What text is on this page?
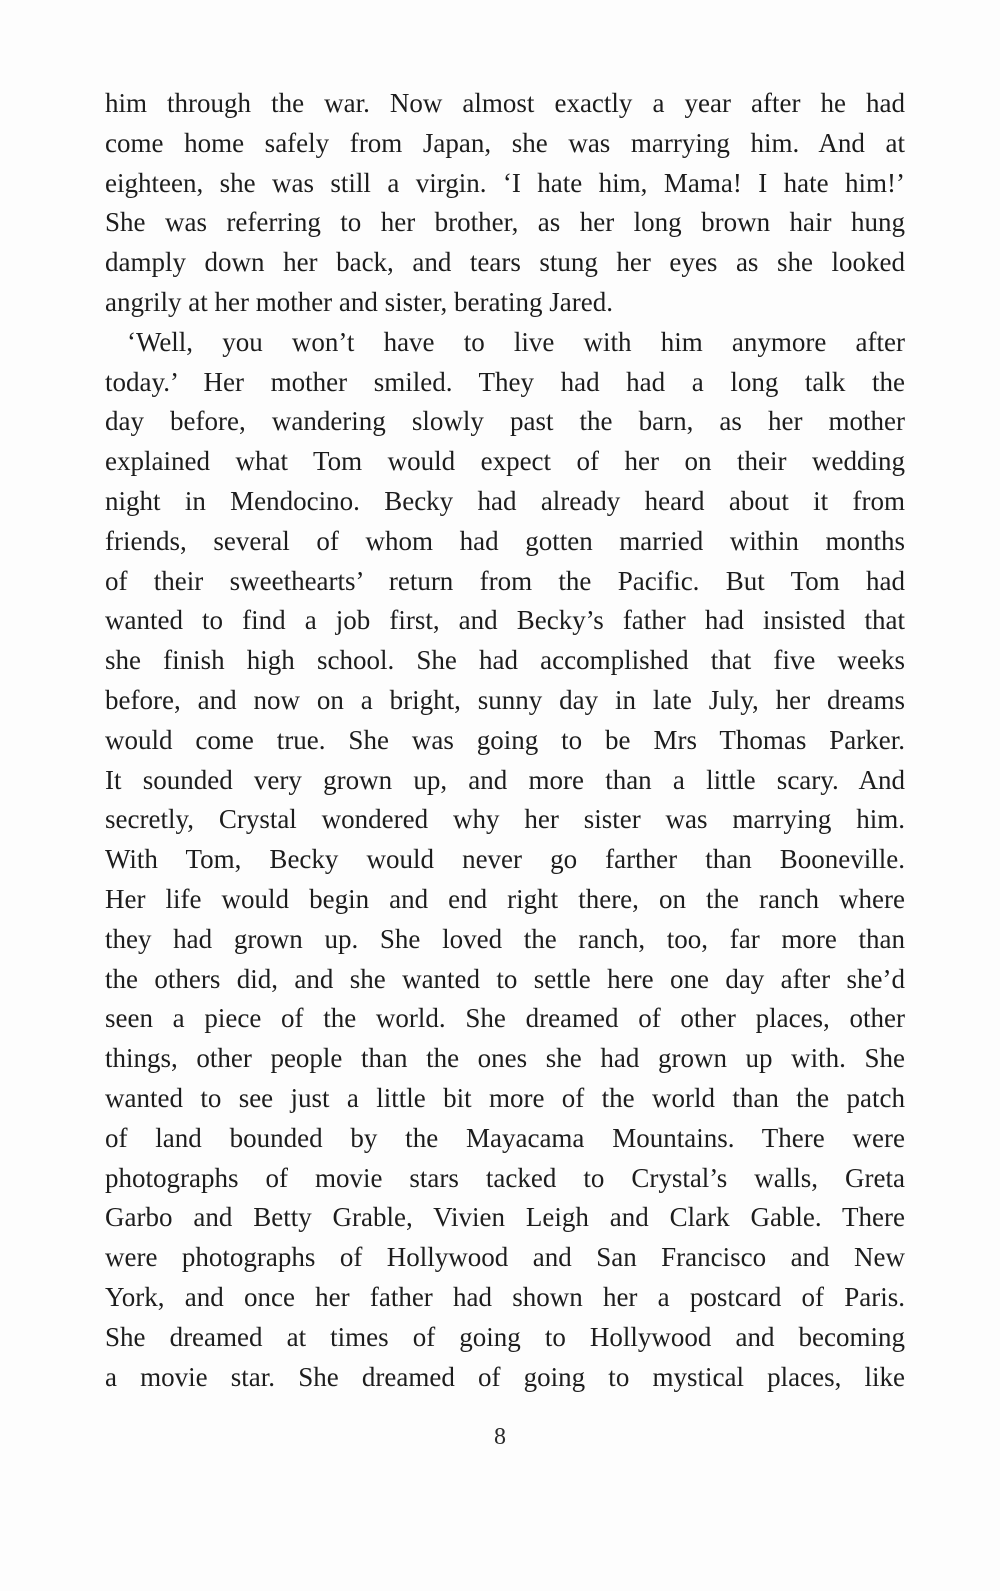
him through the war. Now almost exactly a year after he had
come home safely from Japan, she was marrying him. And at
eighteen, she was still a virgin. ‘I hate him, Mama! I hate him!’
She was referring to her brother, as her long brown hair hung
damply down her back, and tears stung her eyes as she looked
angrily at her mother and sister, berating Jared.
‘Well, you won’t have to live with him anymore after
today.’ Her mother smiled. They had had a long talk the
day before, wandering slowly past the barn, as her mother
explained what Tom would expect of her on their wedding
night in Mendocino. Becky had already heard about it from
friends, several of whom had gotten married within months
of their sweethearts’ return from the Pacific. But Tom had
wanted to find a job first, and Becky’s father had insisted that
she finish high school. She had accomplished that five weeks
before, and now on a bright, sunny day in late July, her dreams
would come true. She was going to be Mrs Thomas Parker.
It sounded very grown up, and more than a little scary. And
secretly, Crystal wondered why her sister was marrying him.
With Tom, Becky would never go farther than Booneville.
Her life would begin and end right there, on the ranch where
they had grown up. She loved the ranch, too, far more than
the others did, and she wanted to settle here one day after she’d
seen a piece of the world. She dreamed of other places, other
things, other people than the ones she had grown up with. She
wanted to see just a little bit more of the world than the patch
of land bounded by the Mayacama Mountains. There were
photographs of movie stars tacked to Crystal’s walls, Greta
Garbo and Betty Grable, Vivien Leigh and Clark Gable. There
were photographs of Hollywood and San Francisco and New
York, and once her father had shown her a postcard of Paris.
She dreamed at times of going to Hollywood and becoming
a movie star. She dreamed of going to mystical places, like
8
